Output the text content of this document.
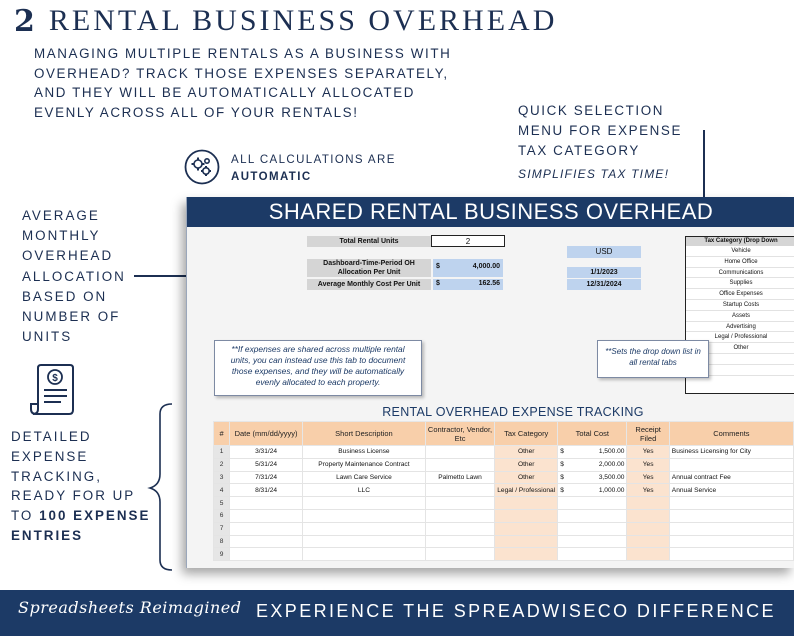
2 RENTAL BUSINESS OVERHEAD
MANAGING MULTIPLE RENTALS AS A BUSINESS WITH
OVERHEAD? TRACK THOSE EXPENSES SEPARATELY,
AND THEY WILL BE AUTOMATICALLY ALLOCATED
EVENLY ACROSS ALL OF YOUR RENTALS!	QUICK SELECTION
MENU FOR EXPENSE
TAX CATEGORY
SIMPLIFIES TAX TIME!
ALL CALCULATIONS ARE
AUTOMATIC
AVERAGE
MONTHLY
OVERHEAD
ALLOCATION
BASED ON
NUMBER OF
UNITS
$
DETAILED
EXPENSE
TRACKING,
READY FOR UP
TO 100 EXPENSE
ENTRIES
SHARED RENTAL BUSINESS OVERHEAD
Total Rental Units	2
Dashboard-Time-Period OH Allocation Per Unit
$	4,000.00
Average Monthly Cost Per Unit	$	162.56
USD
1/1/2023
12/31/2024
Tax Category (Drop Down
Vehicle
Home Office
Communications
Supplies
Office Expenses
Startup Costs
Assets
Advertising
Legal / Professional
Other
**If expenses are shared across multiple rental units, you can instead use this tab to document those expenses, and they will be automatically evenly allocated to each property.
**Sets the drop down list in all rental tabs
RENTAL OVERHEAD EXPENSE TRACKING
#	Date (mm/dd/yyyy)	Short Description	Contractor, Vendor, Etc	Tax Category	Total Cost	Receipt Filed	Comments
1	3/31/24	Business License		Other	$ 1,500.00	Yes	Business Licensing for City
2	5/31/24	Property Maintenance Contract		Other	$ 2,000.00	Yes	
3	7/31/24	Lawn Care Service	Palmetto Lawn	Other	$ 3,500.00	Yes	Annual contract Fee
4	8/31/24	LLC		Legal / Professional	$ 1,000.00	Yes	Annual Service
5					

6					

7					

8					

9					

Spreadsheets Reimagined EXPERIENCE THE SPREADWISECO DIFFERENCE
